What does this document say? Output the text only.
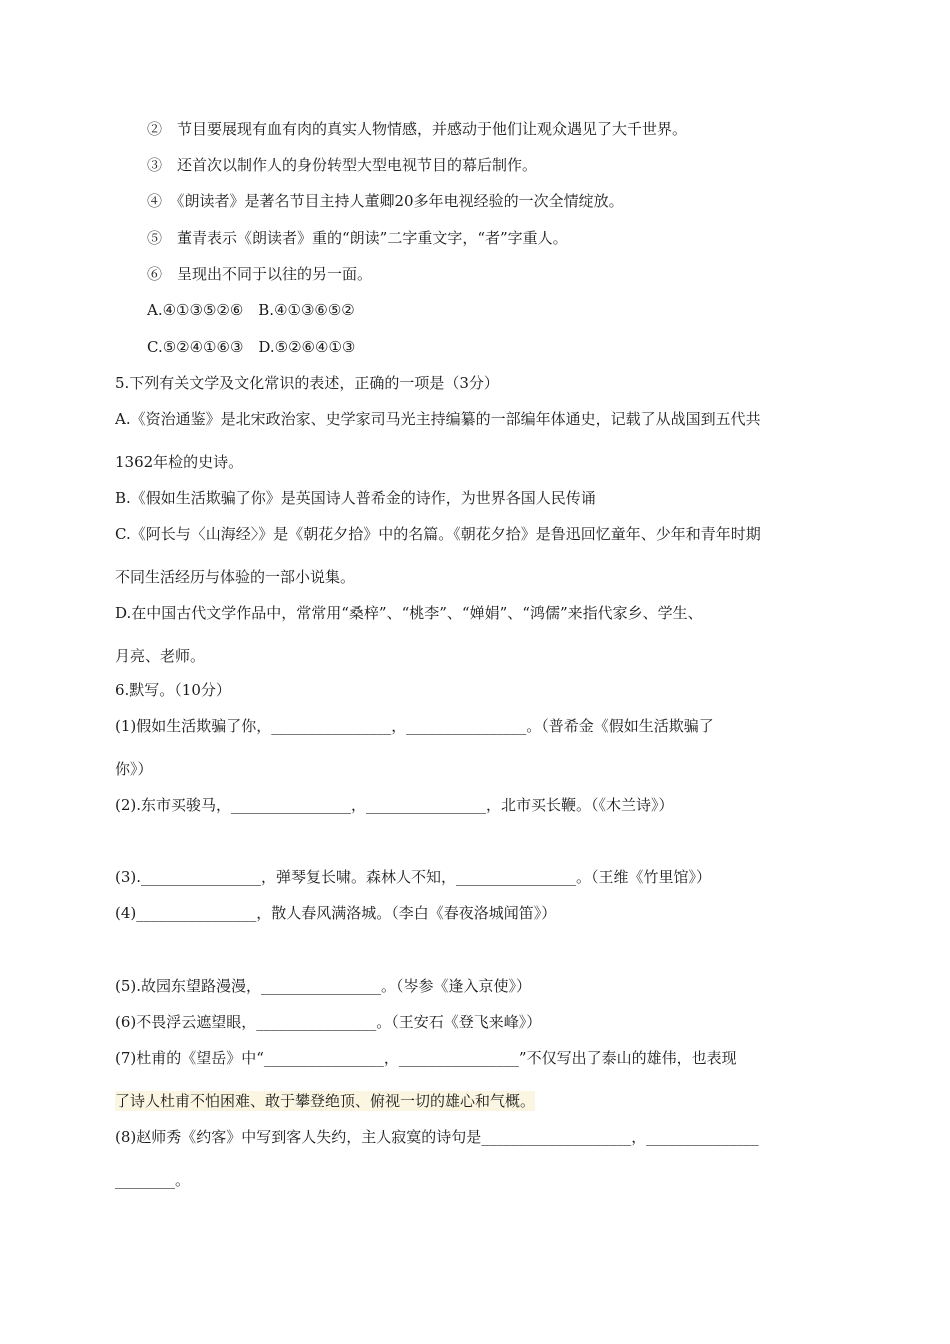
②　节目要展现有血有肉的真实人物情感，并感动于他们让观众遇见了大千世界。
③　还首次以制作人的身份转型大型电视节目的幕后制作。
④　《朗读者》是著名节目主持人董卿20多年电视经验的一次全情绽放。
⑤　董青表示《朗读者》重的“朗读”二字重文字，“者”字重人。
⑥　呈现出不同于以往的另一面。
A.④①③⑤②⑥　B.④①③⑥⑤②
C.⑤②④①⑥③　D.⑤②⑥④①③
5.下列有关文学及文化常识的表述，正确的一项是（3分）
A.《资治通鉴》是北宋政治家、史学家司马光主持编纂的一部编年体通史，记载了从战国到五代共
1362年检的史诗。
B.《假如生活欺骗了你》是英国诗人普希金的诗作，为世界各国人民传诵
C.《阿长与〈山海经〉》是《朝花夕拾》中的名篇。《朝花夕拾》是鲁迅回忆童年、少年和青年时期
不同生活经历与体验的一部小说集。
D.在中国古代文学作品中，常常用“桑梓”、“桃李”、“婵娟”、“鸿儒”来指代家乡、学生、
月亮、老师。
6.默写。（10分）
(1)假如生活欺骗了你，________________，________________。（普希金《假如生活欺骗了
你》）
(2).东市买骏马，________________，________________，北市买长鞭。（《木兰诗》）
(3).________________，弹琴复长啸。森林人不知，________________。（王维《竹里馆》）
(4)________________，散人春风满洛城。（李白《春夜洛城闻笛》）
(5).故园东望路漫漫，________________。（岑参《逢入京使》）
(6)不畏浮云遮望眼，________________。（王安石《登飞来峰》）
(7)杜甫的《望岳》中“________________，________________”不仅写出了泰山的雄伟，也表现
了诗人杜甫不怕困难、敢于攀登绝顶、俯视一切的雄心和气概。
(8)赵师秀《约客》中写到客人失约，主人寂寞的诗句是____________________，_______________
________。
